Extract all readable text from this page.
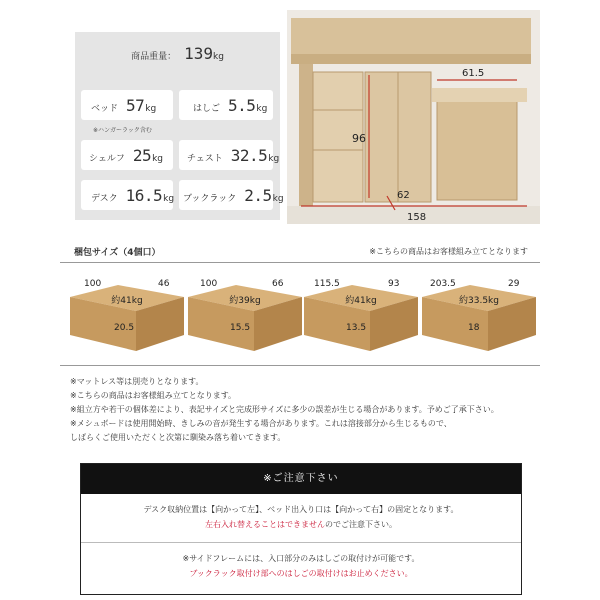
商品重量： 139kg
ベッド 57 kg	はしご 5.5 kg
※ハンガーラック含む
シェルフ 25 kg	チェスト 32.5 kg
デスク 16.5 kg ブックラック 2.5 kg
96
61.5
62
158
梱包サイズ（4個口）	※こちらの商品はお客様組み立てとなります
100	46
約41kg
20.5
100	66
約39kg
15.5
115.5	93
約41kg
13.5
203.5	29
約33.5kg
18
※マットレス等は別売りとなります。
※こちらの商品はお客様組み立てとなります。
※組立方や若干の個体差により、表記サイズと完成形サイズに多少の誤差が生じる場合があります。予めご了承下さい。
※メシュボードは使用開始時、きしみの音が発生する場合があります。これは溶接部分から生じるもので、
しばらくご使用いただくと次第に馴染み落ち着いてきます。
※ご注意下さい
デスク収納位置は【向かって左】、ベッド出入り口は【向かって右】の固定となります。
左右入れ替えることはできませんのでご注意下さい。
※サイドフレームには、入口部分のみはしごの取付けが可能です。
ブックラック取付け部へのはしごの取付けはお止めください。
